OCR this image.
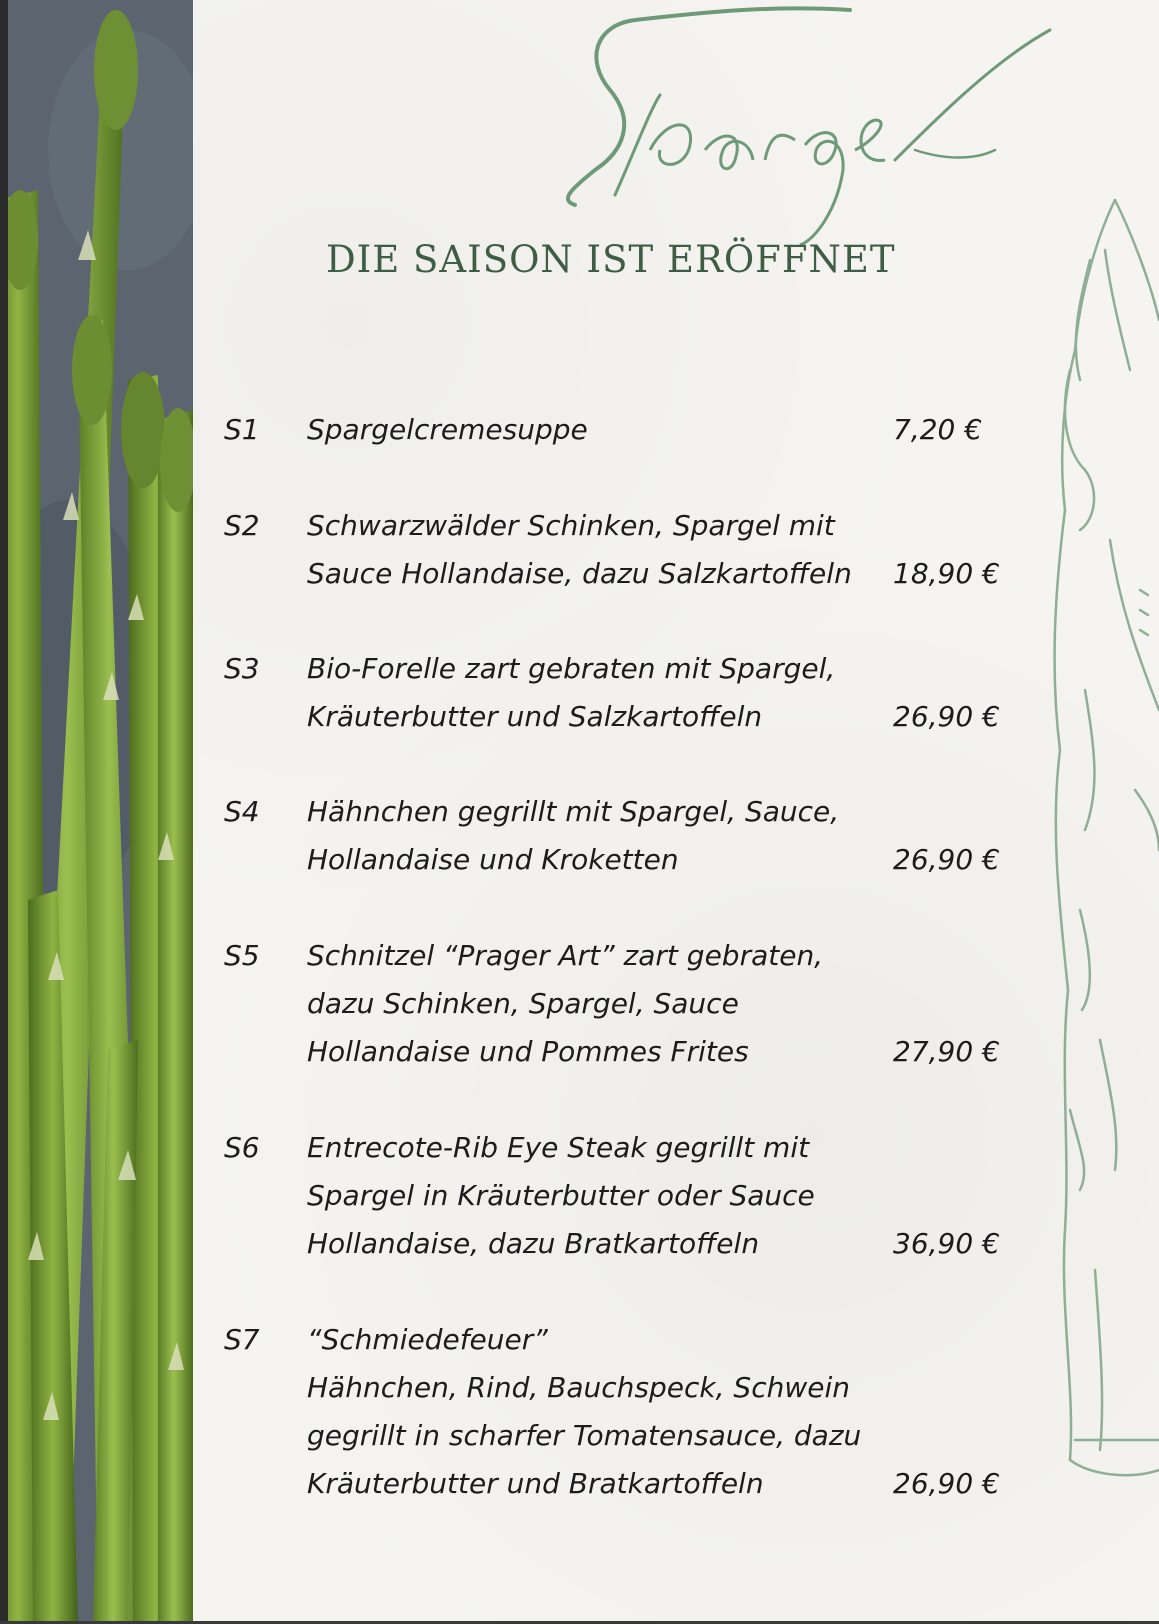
DIE SAISON IST ERÖFFNET
S1 Spargelcremesuppe	7,20 €
S2 Schwarzwälder Schinken, Spargel mit
Sauce Hollandaise, dazu Salzkartoffeln 18,90 €
S3 Bio-Forelle zart gebraten mit Spargel,
Kräuterbutter und Salzkartoffeln	26,90 €
S4 Hähnchen gegrillt mit Spargel, Sauce,
Hollandaise und Kroketten	26,90 €
S5 Schnitzel “Prager Art” zart gebraten,
dazu Schinken, Spargel, Sauce
Hollandaise und Pommes Frites	27,90 €
S6 Entrecote-Rib Eye Steak gegrillt mit
Spargel in Kräuterbutter oder Sauce
Hollandaise, dazu Bratkartoffeln	36,90 €
S7 “Schmiedefeuer”
Hähnchen, Rind, Bauchspeck, Schwein
gegrillt in scharfer Tomatensauce, dazu
Kräuterbutter und Bratkartoffeln	26,90 €
